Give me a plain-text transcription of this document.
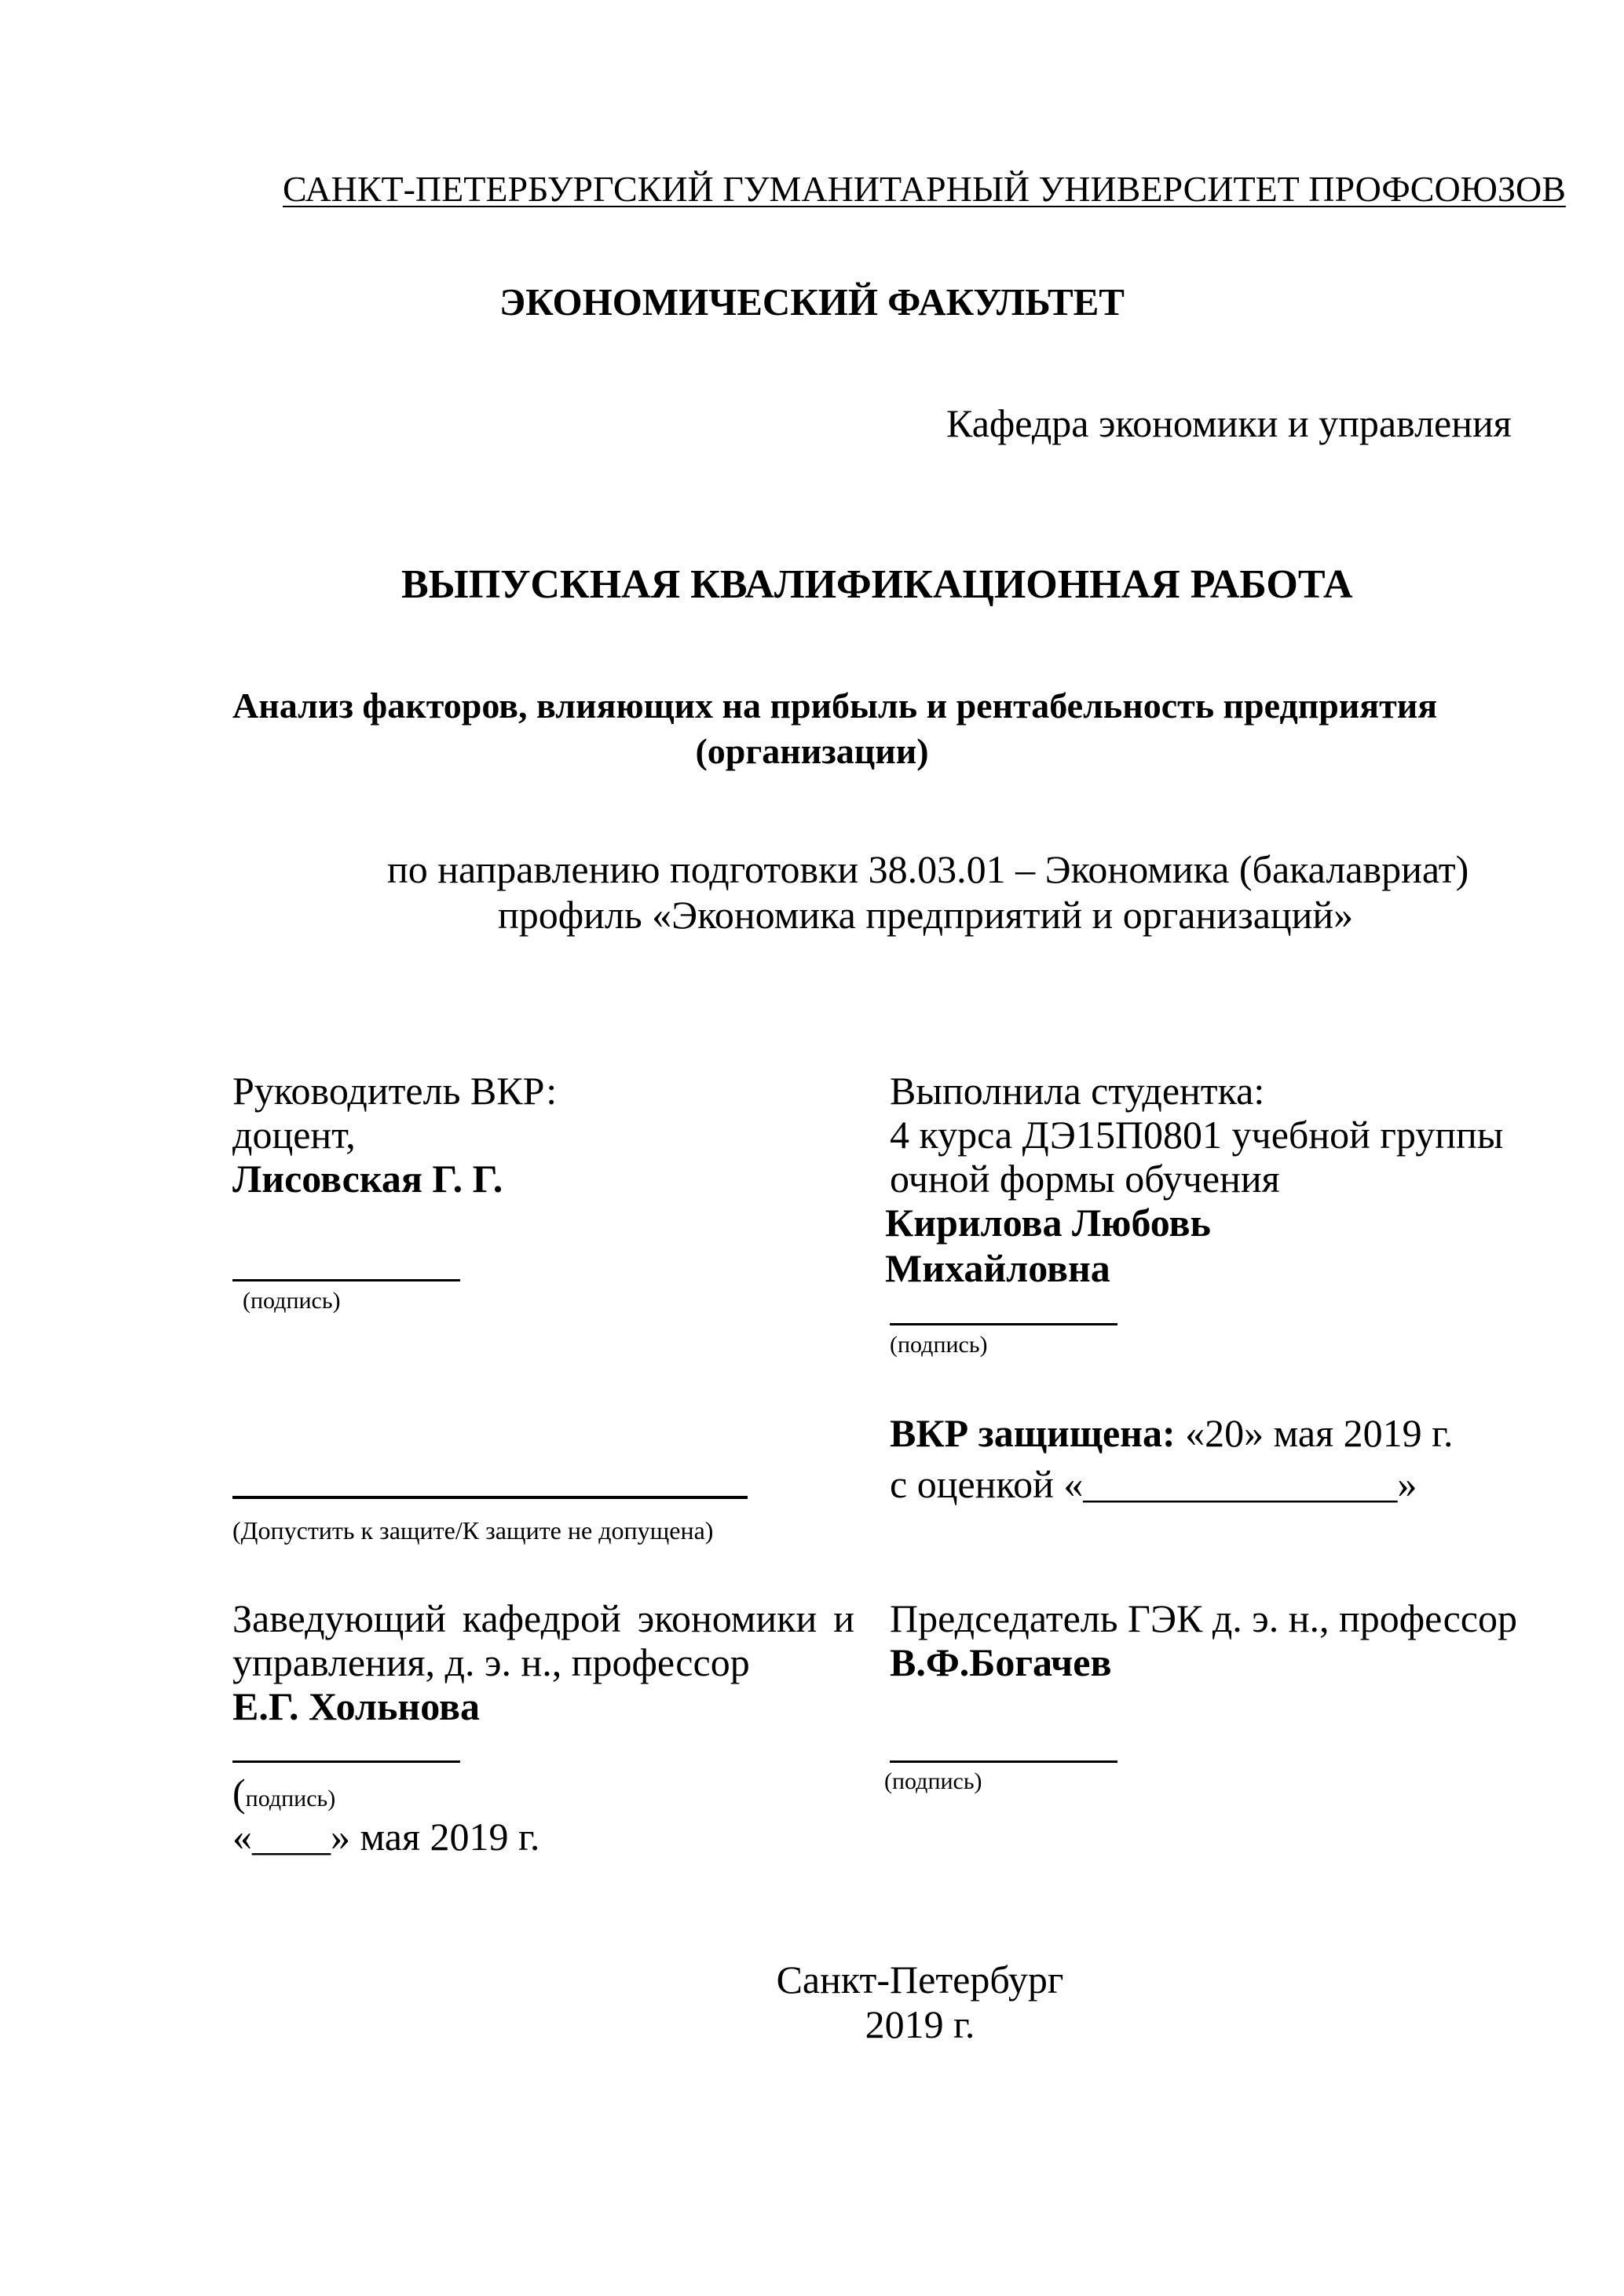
САНКТ-ПЕТЕРБУРГСКИЙ ГУМАНИТАРНЫЙ УНИВЕРСИТЕТ ПРОФСОЮЗОВ
ЭКОНОМИЧЕСКИЙ ФАКУЛЬТЕТ
Кафедра экономики и управления
ВЫПУСКНАЯ КВАЛИФИКАЦИОННАЯ РАБОТА
Анализ факторов, влияющих на прибыль и рентабельность предприятия
(организации)
по направлению подготовки 38.03.01 – Экономика (бакалавриат)
профиль «Экономика предприятий и организаций»
Руководитель ВКР:
доцент,
Лисовская Г. Г.
(подпись)
Выполнила студентка:
4 курса ДЭ15П0801 учебной группы
очной формы обучения
Кирилова Любовь
Михайловна
(подпись)
ВКР защищена: «20» мая 2019 г.
с оценкой «________________»
(Допустить к защите/К защите не допущена)
Заведующий кафедрой экономики и
управления, д. э. н., профессор
Е.Г. Хольнова
(подпись)
«____» мая 2019 г.
Председатель ГЭК д. э. н., профессор
В.Ф.Богачев
(подпись)
Санкт-Петербург
2019 г.
